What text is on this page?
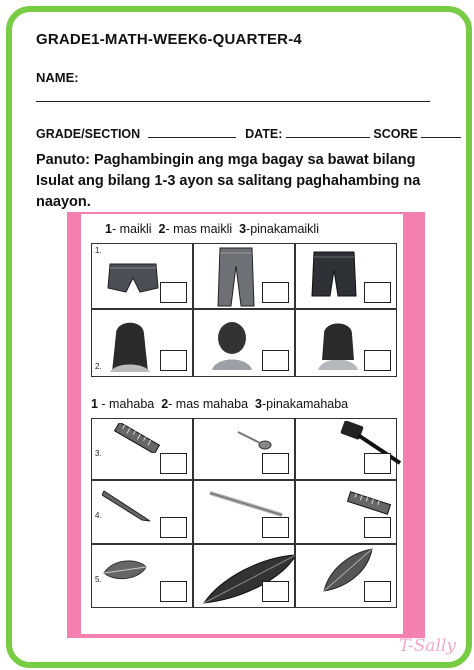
GRADE1-MATH-WEEK6-QUARTER-4
NAME:
GRADE/SECTION	DATE:	SCORE
Panuto: Paghambingin ang mga bagay sa bawat bilang Isulat ang bilang 1-3 ayon sa salitang paghahambing na naayon.
1- maikli 2- mas maikli 3-pinakamaikli
1.
2.
1 - mahaba 2- mas mahaba 3-pinakamahaba
3.
4.
5.
T-Sally
